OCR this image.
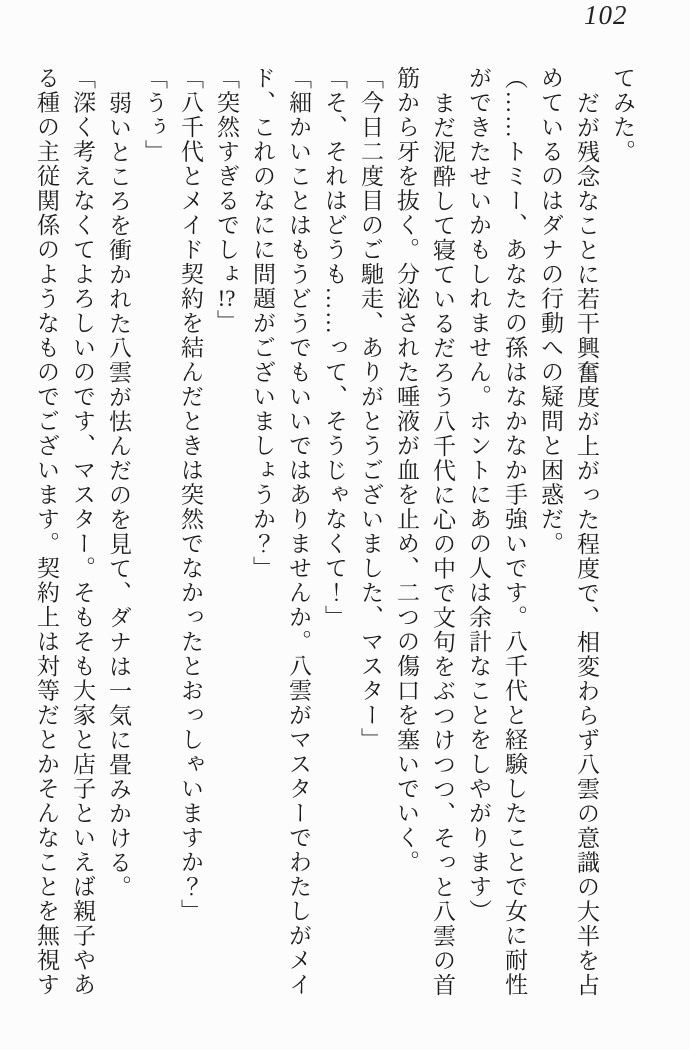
102
てみた。
だが残念なことに若干興奮度が上がった程度で、相変わらず八雲の意識の大半を占
めているのはダナの行動への疑問と困惑だ。
（……トミー、あなたの孫はなかなか手強いです。八千代と経験したことで女に耐性
ができたせいかもしれません。ホントにあの人は余計なことをしやがります）
まだ泥酔して寝ているだろう八千代に心の中で文句をぶつけつつ、そっと八雲の首
筋から牙を抜く。分泌された唾液が血を止め、二つの傷口を塞いでいく。
「今日二度目のご馳走、ありがとうございました、マスター」
「そ、それはどうも……って、そうじゃなくて！」
「細かいことはもうどうでもいいではありませんか。八雲がマスターでわたしがメイ
ド、これのなにに問題がございましょうか？」
「突然すぎるでしょ!?」
「八千代とメイド契約を結んだときは突然でなかったとおっしゃいますか？」
「うぅ」
弱いところを衝かれた八雲が怯んだのを見て、ダナは一気に畳みかける。
「深く考えなくてよろしいのです、マスター。そもそも大家と店子といえば親子やあ
る種の主従関係のようなものでございます。契約上は対等だとかそんなことを無視す
